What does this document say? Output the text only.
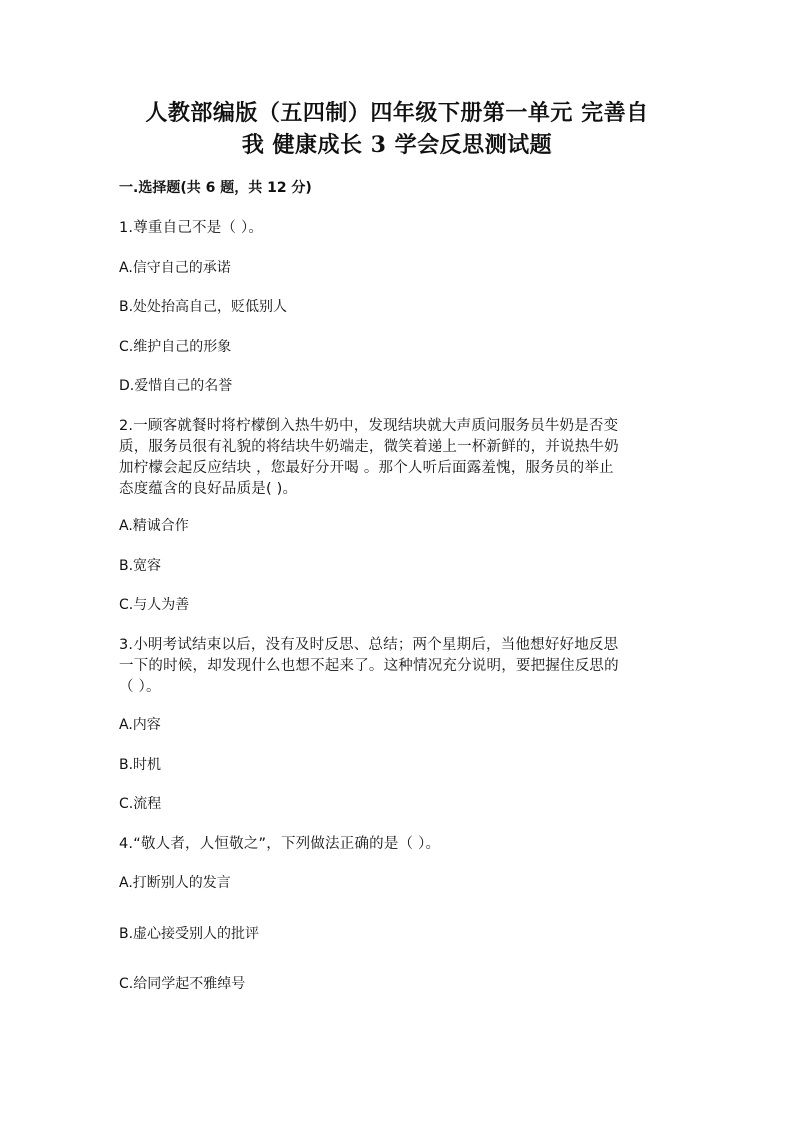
人教部编版（五四制）四年级下册第一单元 完善自
我 健康成长 3 学会反思测试题
一.选择题(共 6 题，共 12 分)
1.尊重自己不是（ ）。
A.信守自己的承诺
B.处处抬高自己，贬低别人
C.维护自己的形象
D.爱惜自己的名誉
2.一顾客就餐时将柠檬倒入热牛奶中，发现结块就大声质问服务员牛奶是否变
质，服务员很有礼貌的将结块牛奶端走，微笑着递上一杯新鲜的，并说热牛奶
加柠檬会起反应结块 ，您最好分开喝 。那个人听后面露羞愧，服务员的举止
态度蕴含的良好品质是( )。
A.精诚合作
B.宽容
C.与人为善
3.小明考试结束以后，没有及时反思、总结；两个星期后，当他想好好地反思
一下的时候，却发现什么也想不起来了。这种情况充分说明，要把握住反思的
（ ）。
A.内容
B.时机
C.流程
4.“敬人者，人恒敬之”，下列做法正确的是（ ）。
A.打断别人的发言
B.虚心接受别人的批评
C.给同学起不雅绰号
